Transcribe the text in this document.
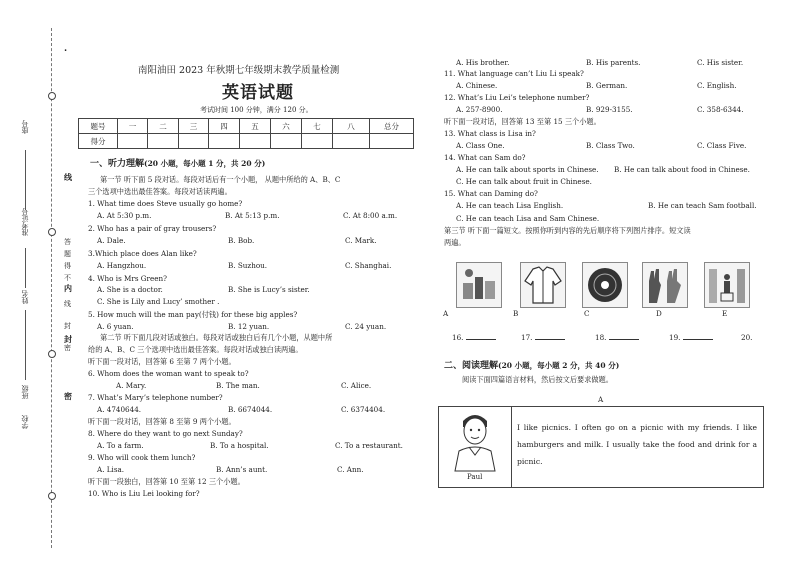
.
座号
准考证号
姓名
班级
学校
线
内
封
密
答
题
得
不
线
封
密
南阳油田 2023 年秋期七年级期末教学质量检测
英语试题
考试时间 100 分钟，满分 120 分。
题号	一	二	三	四	五	六	七	八	总分
得分									
一、听力理解(20 小题，每小题 1 分，共 20 分)
第一节 听下面 5 段对话。每段对话后有一个小题， 从题中所给的 A、B、C
三个选项中选出最佳答案。每段对话读两遍。
1. What time does Steve usually go home?
A. At 5:30 p.m.	B. At 5:13 p.m.	C. At 8:00 a.m.
2. Who has a pair of gray trousers?
A. Dale.	B. Bob.	C. Mark.
3.Which place does Alan like?
A. Hangzhou.	B. Suzhou.	C. Shanghai.
4. Who is Mrs Green?
A. She is a doctor.	B. She is Lucy’s sister.
C. She is Lily and Lucy’ smother .
5. How much will the man pay(付钱) for these big apples?
A. 6 yuan.	B. 12 yuan.	C. 24 yuan.
第二节 听下面几段对话或独白。每段对话或独白后有几个小题，从题中所
给的 A、B、C 三个选项中选出最佳答案。每段对话或独白读两遍。
听下面一段对话，回答第 6 至第 7 两个小题。
6. Whom does the woman want to speak to?
A. Mary.	B. The man.	C. Alice.
7. What’s Mary’s telephone number?
A. 4740644.	B. 6674044.	C. 6374404.
听下面一段对话，回答第 8 至第 9 两个小题。
8. Where do they want to go next Sunday?
A. To a farm.	B. To a hospital.	C. To a restaurant.
9. Who will cook them lunch?
A. Lisa.	B. Ann’s aunt.	C. Ann.
听下面一段独白，回答第 10 至第 12 三个小题。
10. Who is Liu Lei looking for?
A. His brother.	B. His parents.	C. His sister.
11. What language can’t Liu Li speak?
A. Chinese.	B. German.	C. English.
12. What’s Liu Lei’s telephone number?
A. 257-8900.	B. 929-3155.	C. 358-6344.
听下面一段对话，回答第 13 至第 15 三个小题。
13. What class is Lisa in?
A. Class One.	B. Class Two.	C. Class Five.
14. What can Sam do?
A. He can talk about sports in Chinese. B. He can talk about food in Chinese.
C. He can talk about fruit in Chinese.
15. What can Daming do?
A. He can teach Lisa English.	B. He can teach Sam football.
C. He can teach Lisa and Sam Chinese.
第三节 听下面一篇短文。按照你听到内容的先后顺序将下列图片排序。短文读
两遍。
A	B	C	D	E
16.	17.	18.	19.	20.
二、阅读理解(20 小题，每小题 2 分，共 40 分)
阅读下面四篇语言材料，然后按文后要求做题。
A
Paul
I like picnics. I often go on a picnic with my friends. I like hamburgers and milk. I usually take the food and drink for a picnic.
